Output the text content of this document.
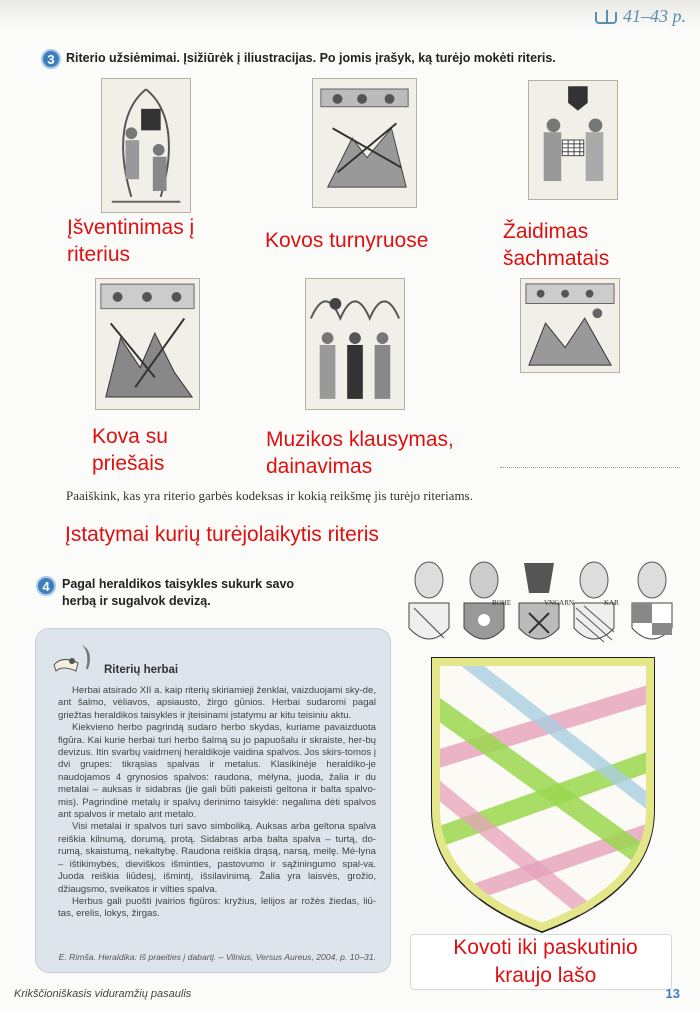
41–43 p.
3 Riterio užsiėmimai. Įsižiūrėk į iliustracijas. Po jomis įrašyk, ką turėjo mokėti riteris.
Įšventinimas į
riterius
Kovos turnyruose	Žaidimas
šachmatais
Kova su
priešais
Muzikos klausymas,
dainavimas
Paaiškink, kas yra riterio garbės kodeksas ir kokią reikšmę jis turėjo riteriams.
Įstatymai kurių turėjolaikytis riteris
4 Pagal heraldikos taisykles sukurk savo
herbą ir sugalvok devizą.
Riterių herbai

Herbai atsirado XII a. kaip riterių skiriamieji ženklai, vaizduojami sky-de, ant šalmo, vėliavos, apsiausto, žirgo gūnios. Herbai sudaromi pagal griežtas heraldikos taisykles ir įteisinami įstatymu ar kitu teisiniu aktu.

Kiekvieno herbo pagrindą sudaro herbo skydas, kuriame pavaizduota figūra. Kai kurie herbai turi herbo šalmą su jo papuošalu ir skraiste, her-bų devizus. Itin svarbų vaidmenį heraldikoje vaidina spalvos. Jos skirs-tomos į dvi grupes: tikrąsias spalvas ir metalus. Klasikinėje heraldiko-je naudojamos 4 grynosios spalvos: raudona, mėlyna, juoda, žalia ir du metalai – auksas ir sidabras (jie gali būti pakeisti geltona ir balta spalvo-mis). Pagrindinė metalų ir spalvų derinimo taisyklė: negalima dėti spalvos ant spalvos ir metalo ant metalo.

Visi metalai ir spalvos turi savo simboliką. Auksas arba geltona spalva reiškia kilnumą, dorumą, protą. Sidabras arba balta spalva – turtą, do-rumą, skaistumą, nekaltybę. Raudona reiškia drąsą, narsą, meilę. Mė-lyna – ištikimybės, dieviškos išminties, pastovumo ir sąžiningumo spal-va. Juoda reiškia liūdesį, išmintį, išsilavinimą. Žalia yra laisvės, grožio, džiaugsmo, sveikatos ir vilties spalva.

Herbus gali puošti įvairios figūros: kryžius, lelijos ar rožės žiedas, liū-tas, erelis, lokys, žirgas.

E. Rimša. Heraldika: Iš praeities į dabartį. – Vilnius, Versus Aureus, 2004, p. 10–31.
BOHE	VNGARN	KAR
Kovoti iki paskutinio
kraujo lašo
Krikščioniškasis viduramžių pasaulis	13
